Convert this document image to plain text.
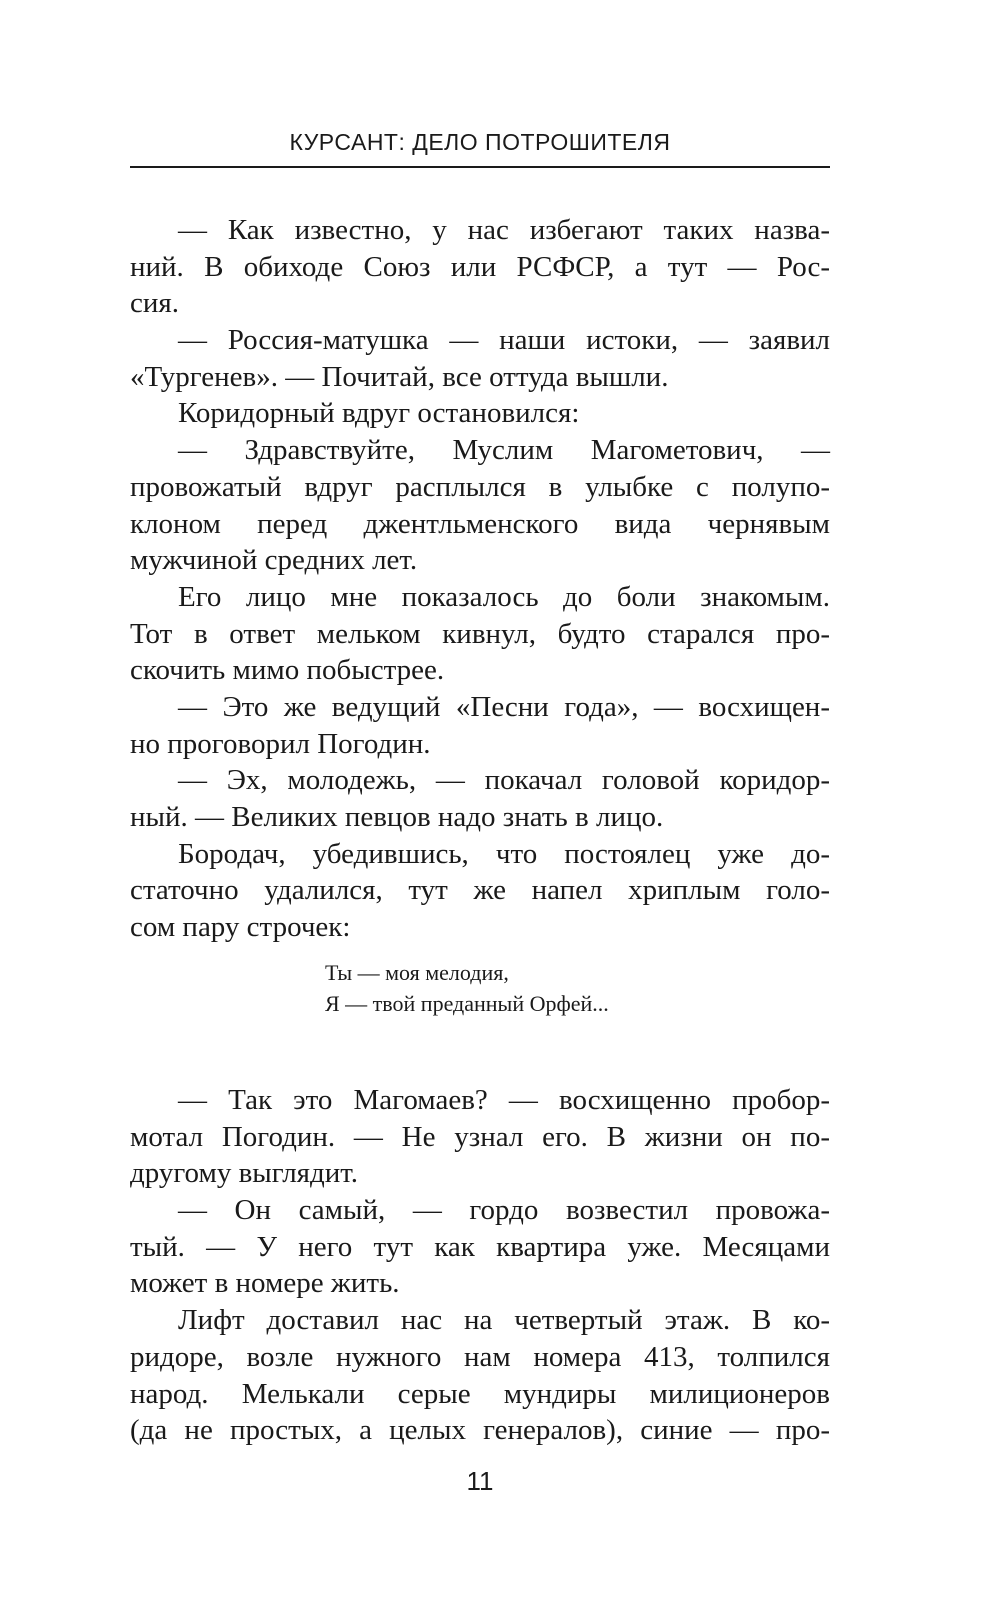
КУРСАНТ: ДЕЛО ПОТРОШИТЕЛЯ
— Как известно, у нас избегают таких назва-
ний. В обиходе Союз или РСФСР, а тут — Рос-
сия.
— Россия-матушка — наши истоки, — заявил
«Тургенев». — Почитай, все оттуда вышли.
Коридорный вдруг остановился:
— Здравствуйте, Муслим Магометович, —
провожатый вдруг расплылся в улыбке с полупо-
клоном перед джентльменского вида чернявым
мужчиной средних лет.
Его лицо мне показалось до боли знакомым.
Тот в ответ мельком кивнул, будто старался про-
скочить мимо побыстрее.
— Это же ведущий «Песни года», — восхищен-
но проговорил Погодин.
— Эх, молодежь, — покачал головой коридор-
ный. — Великих певцов надо знать в лицо.
Бородач, убедившись, что постоялец уже до-
статочно удалился, тут же напел хриплым голо-
сом пару строчек:
Ты — моя мелодия,
Я — твой преданный Орфей...
— Так это Магомаев? — восхищенно пробор-
мотал Погодин. — Не узнал его. В жизни он по-
другому выглядит.
— Он самый, — гордо возвестил провожа-
тый. — У него тут как квартира уже. Месяцами
может в номере жить.
Лифт доставил нас на четвертый этаж. В ко-
ридоре, возле нужного нам номера 413, толпился
народ. Мелькали серые мундиры милиционеров
(да не простых, а целых генералов), синие — про-
11
